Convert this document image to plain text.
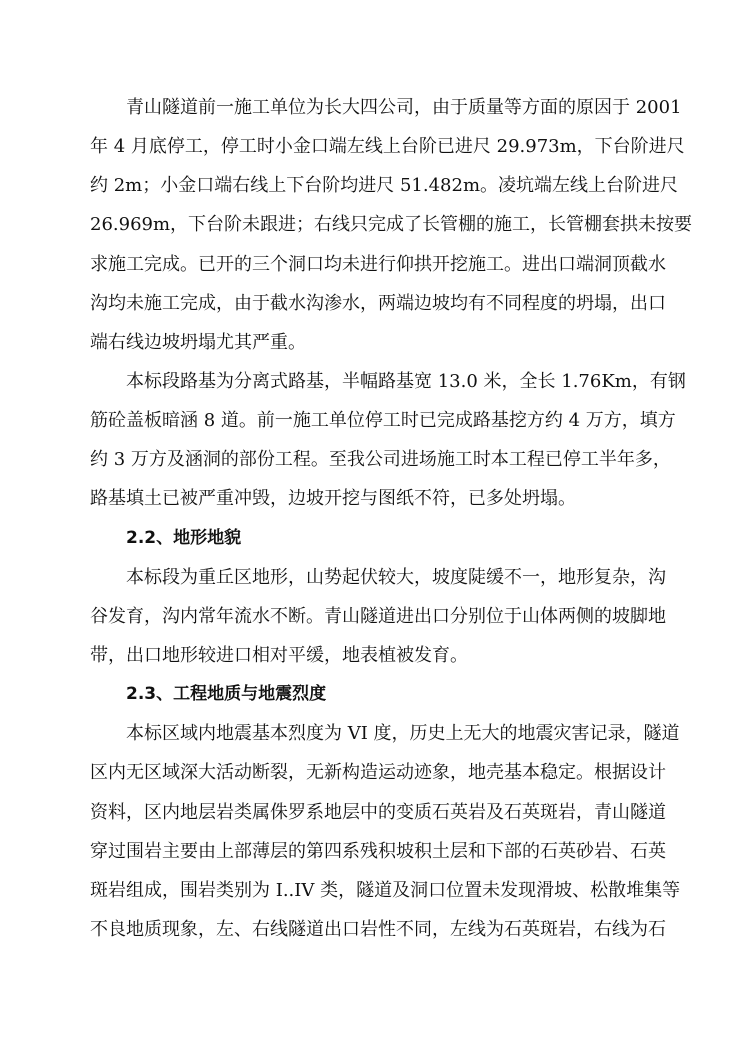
青山隧道前一施工单位为长大四公司，由于质量等方面的原因于 2001
年 4 月底停工，停工时小金口端左线上台阶已进尺 29.973m，下台阶进尺
约 2m；小金口端右线上下台阶均进尺 51.482m。凌坑端左线上台阶进尺
26.969m，下台阶未跟进；右线只完成了长管棚的施工，长管棚套拱未按要
求施工完成。已开的三个洞口均未进行仰拱开挖施工。进出口端洞顶截水
沟均未施工完成，由于截水沟渗水，两端边坡均有不同程度的坍塌，出口
端右线边坡坍塌尤其严重。
本标段路基为分离式路基，半幅路基宽 13.0 米，全长 1.76Km，有钢
筋砼盖板暗涵 8 道。前一施工单位停工时已完成路基挖方约 4 万方，填方
约 3 万方及涵洞的部份工程。至我公司进场施工时本工程已停工半年多，
路基填土已被严重冲毁，边坡开挖与图纸不符，已多处坍塌。
2.2、地形地貌
本标段为重丘区地形，山势起伏较大，坡度陡缓不一，地形复杂，沟
谷发育，沟内常年流水不断。青山隧道进出口分别位于山体两侧的坡脚地
带，出口地形较进口相对平缓，地表植被发育。
2.3、工程地质与地震烈度
本标区域内地震基本烈度为 VI 度，历史上无大的地震灾害记录，隧道
区内无区域深大活动断裂，无新构造运动迹象，地壳基本稳定。根据设计
资料，区内地层岩类属侏罗系地层中的变质石英岩及石英斑岩，青山隧道
穿过围岩主要由上部薄层的第四系残积坡积土层和下部的石英砂岩、石英
斑岩组成，围岩类别为 I..IV 类，隧道及洞口位置未发现滑坡、松散堆集等
不良地质现象，左、右线隧道出口岩性不同，左线为石英斑岩，右线为石
